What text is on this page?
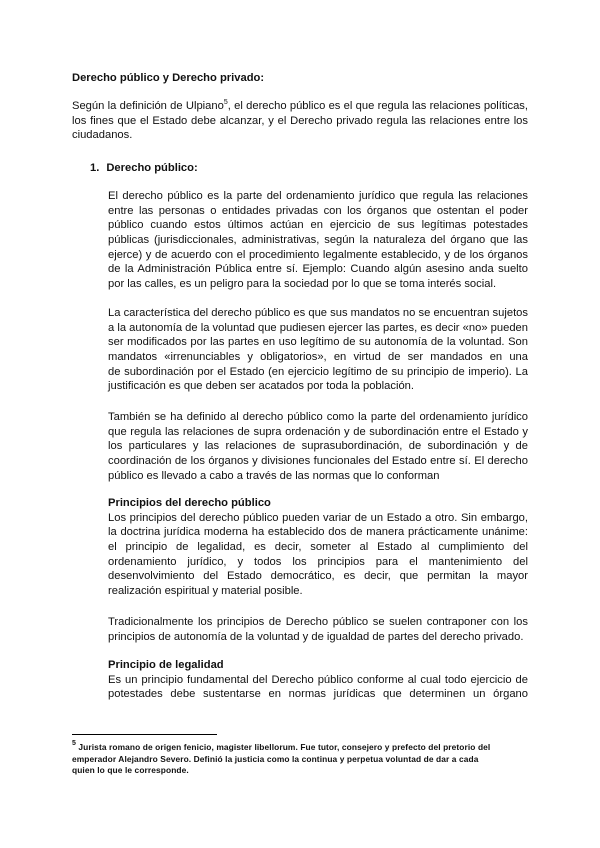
Derecho público y Derecho privado:
Según la definición de Ulpiano$^5$, el derecho público es el que regula las relaciones políticas,
los fines que el Estado debe alcanzar, y el Derecho privado regula las relaciones entre los
ciudadanos.
1. Derecho público:
El derecho público es la parte del ordenamiento jurídico que regula las relaciones
entre las personas o entidades privadas con los órganos que ostentan el poder
público cuando estos últimos actúan en ejercicio de sus legítimas potestades
públicas (jurisdiccionales, administrativas, según la naturaleza del órgano que las
ejerce) y de acuerdo con el procedimiento legalmente establecido, y de los órganos
de la Administración Pública entre sí. Ejemplo: Cuando algún asesino anda suelto
por las calles, es un peligro para la sociedad por lo que se toma interés social.
La característica del derecho público es que sus mandatos no se encuentran sujetos
a la autonomía de la voluntad que pudiesen ejercer las partes, es decir «no» pueden
ser modificados por las partes en uso legítimo de su autonomía de la voluntad. Son
mandatos «irrenunciables y obligatorios», en virtud de ser mandados en una
de subordinación por el Estado (en ejercicio legítimo de su principio de imperio). La
justificación es que deben ser acatados por toda la población.
También se ha definido al derecho público como la parte del ordenamiento jurídico
que regula las relaciones de supra ordenación y de subordinación entre el Estado y
los particulares y las relaciones de suprasubordinación, de subordinación y de
coordinación de los órganos y divisiones funcionales del Estado entre sí. El derecho
público es llevado a cabo a través de las normas que lo conforman
Principios del derecho público
Los principios del derecho público pueden variar de un Estado a otro. Sin embargo,
la doctrina jurídica moderna ha establecido dos de manera prácticamente unánime:
el principio de legalidad, es decir, someter al Estado al cumplimiento del
ordenamiento jurídico, y todos los principios para el mantenimiento del
desenvolvimiento del Estado democrático, es decir, que permitan la mayor
realización espiritual y material posible.
Tradicionalmente los principios de Derecho público se suelen contraponer con los
principios de autonomía de la voluntad y de igualdad de partes del derecho privado.
Principio de legalidad
Es un principio fundamental del Derecho público conforme al cual todo ejercicio de
potestades debe sustentarse en normas jurídicas que determinen un órgano
$^5$ Jurista romano de origen fenicio, magister libellorum. Fue tutor, consejero y prefecto del pretorio del
emperador Alejandro Severo. Definió la justicia como la continua y perpetua voluntad de dar a cada
quien lo que le corresponde.
